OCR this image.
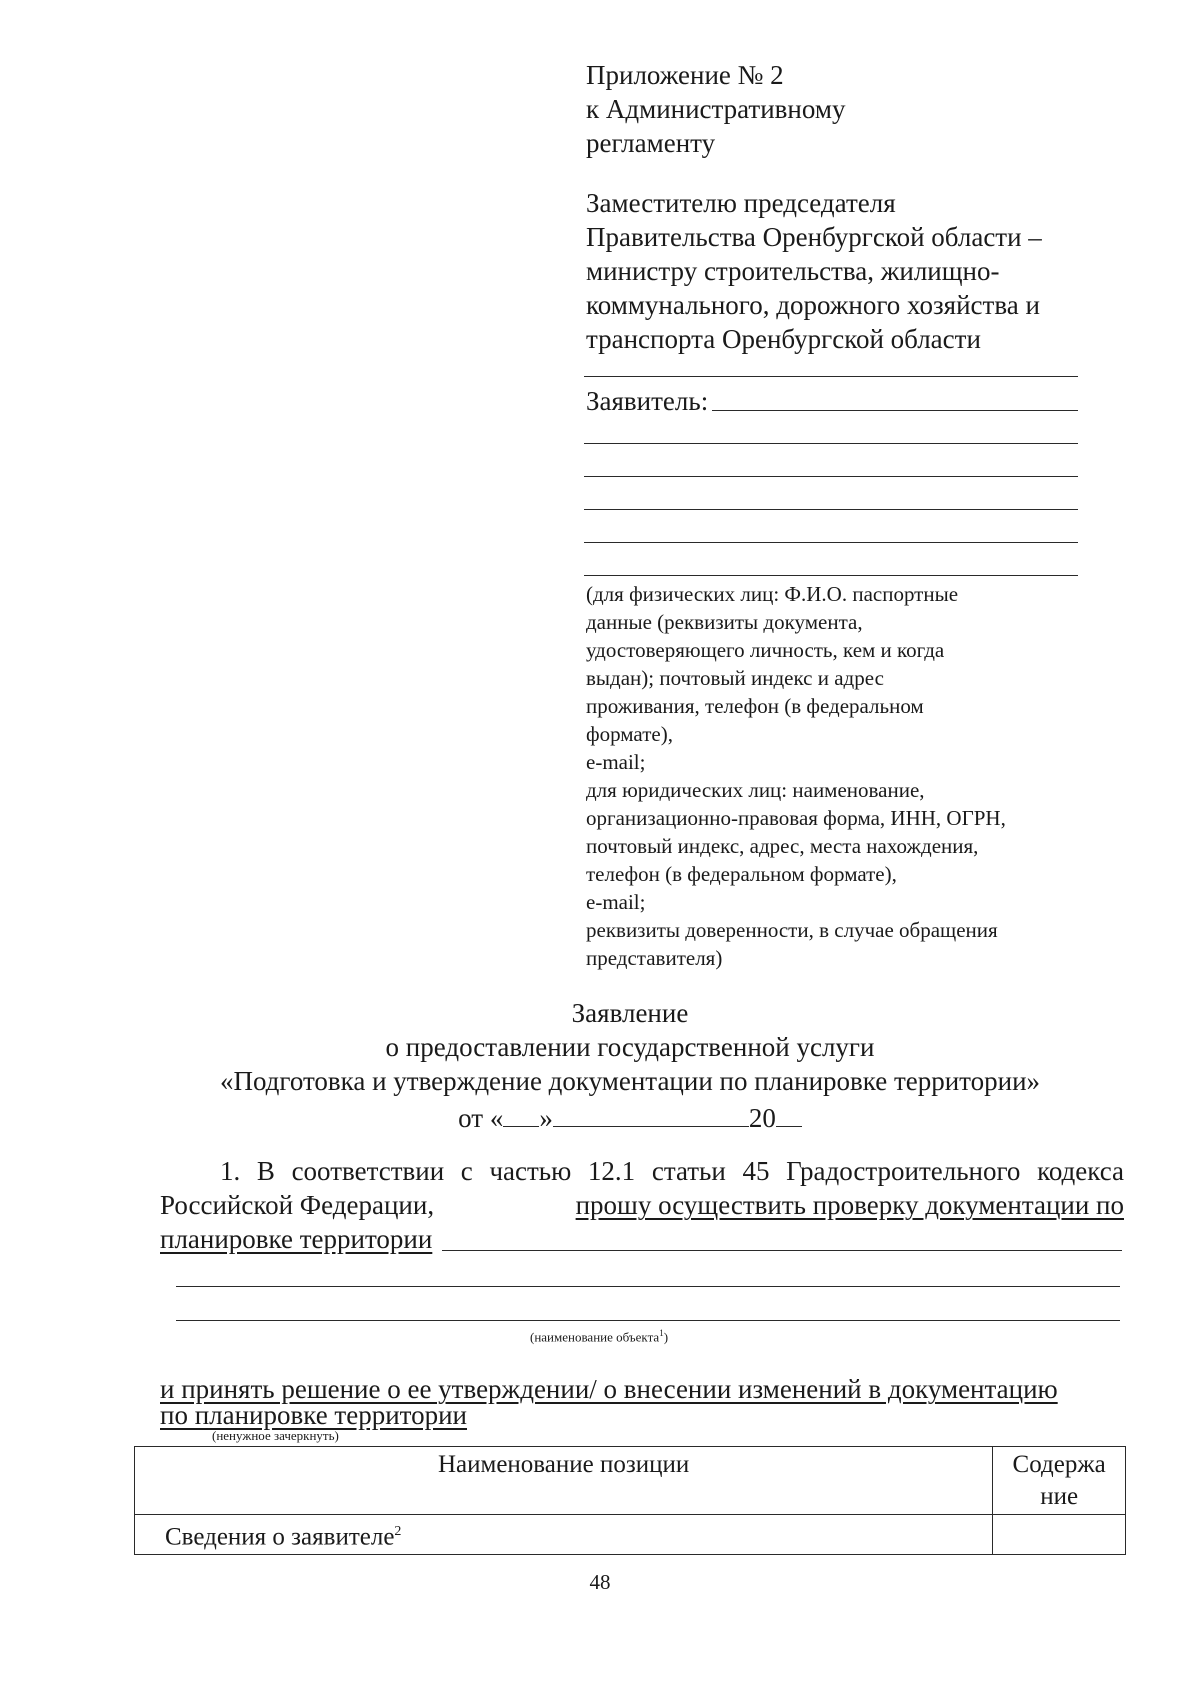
Приложение № 2
к Административному
регламенту
Заместителю председателя
Правительства Оренбургской области –
министру строительства, жилищно-
коммунального, дорожного хозяйства и
транспорта Оренбургской области
Заявитель:
(для физических лиц: Ф.И.О. паспортные
данные (реквизиты документа,
удостоверяющего личность, кем и когда
выдан); почтовый индекс и адрес
проживания, телефон (в федеральном
формате),
e-mail;
для юридических лиц: наименование,
организационно-правовая форма, ИНН, ОГРН,
почтовый индекс, адрес, места нахождения,
телефон (в федеральном формате),
e-mail;
реквизиты доверенности, в случае обращения
представителя)
Заявление
о предоставлении государственной услуги
«Подготовка и утверждение документации по планировке территории»
от « »	20
1. В соответствии с частью 12.1 статьи 45 Градостроительного кодекса
Российской Федерации,	прошу осуществить проверку документации по
планировке территории
(наименование объекта$^1$)
и принять решение о ее утверждении/ о внесении изменений в документацию
по планировке территории
(ненужное зачеркнуть)
Наименование позиции	Содержа
ние

Сведения о заявителе$^2$	
48
